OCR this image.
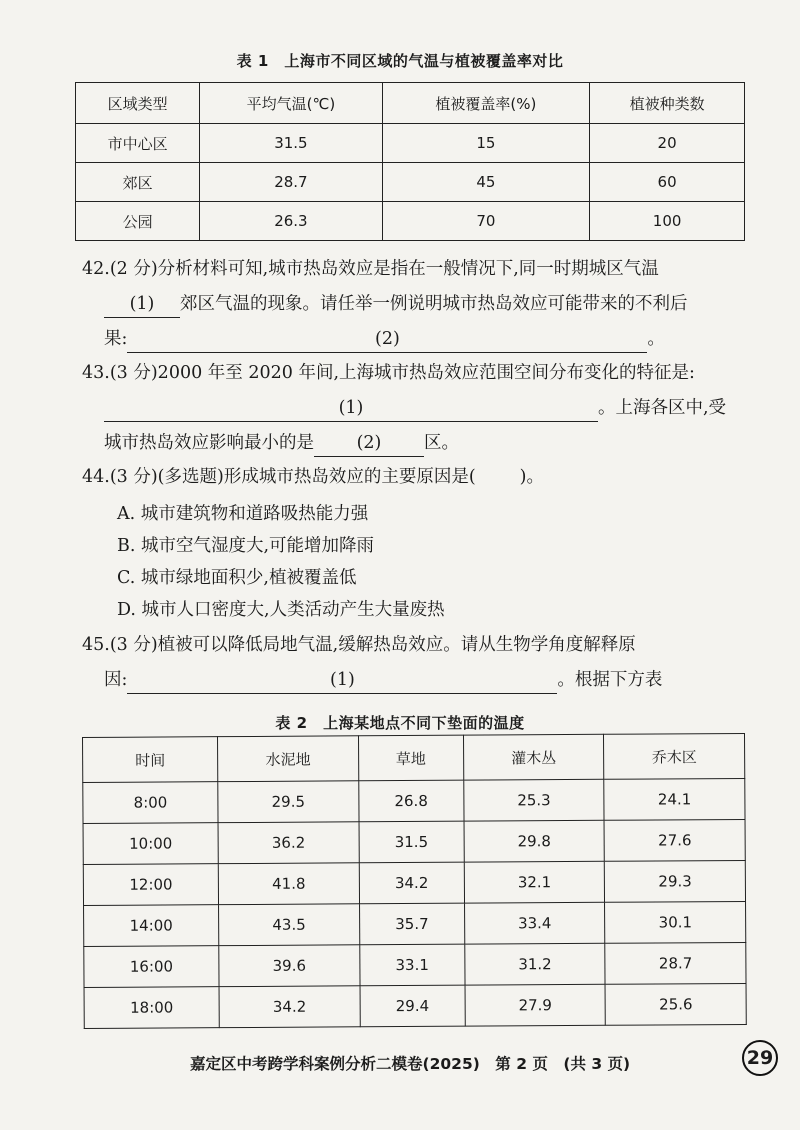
表 1　上海市不同区域的气温与植被覆盖率对比
区域类型	平均气温(℃)	植被覆盖率(%)	植被种类数
市中心区	31.5	15	20
郊区	28.7	45	60
公园	26.3	70	100
42.(2 分)分析材料可知,城市热岛效应是指在一般情况下,同一时期城区气温
(1) 郊区气温的现象。请任举一例说明城市热岛效应可能带来的不利后
果:	(2)	。
43.(3 分)2000 年至 2020 年间,上海城市热岛效应范围空间分布变化的特征是:
(1)	。上海各区中,受
城市热岛效应影响最小的是 (2) 区。
44.(3 分)(多选题)形成城市热岛效应的主要原因是(	)。
A. 城市建筑物和道路吸热能力强
B. 城市空气湿度大,可能增加降雨
C. 城市绿地面积少,植被覆盖低
D. 城市人口密度大,人类活动产生大量废热
45.(3 分)植被可以降低局地气温,缓解热岛效应。请从生物学角度解释原
因:	(1)	。根据下方表
表 2　上海某地点不同下垫面的温度
时间	水泥地	草地	灌木丛	乔木区
8:00	29.5	26.8	25.3	24.1
10:00	36.2	31.5	29.8	27.6
12:00	41.8	34.2	32.1	29.3
14:00	43.5	35.7	33.4	30.1
16:00	39.6	33.1	31.2	28.7
18:00	34.2	29.4	27.9	25.6
嘉定区中考跨学科案例分析二模卷(2025)　第 2 页　(共 3 页)	29
